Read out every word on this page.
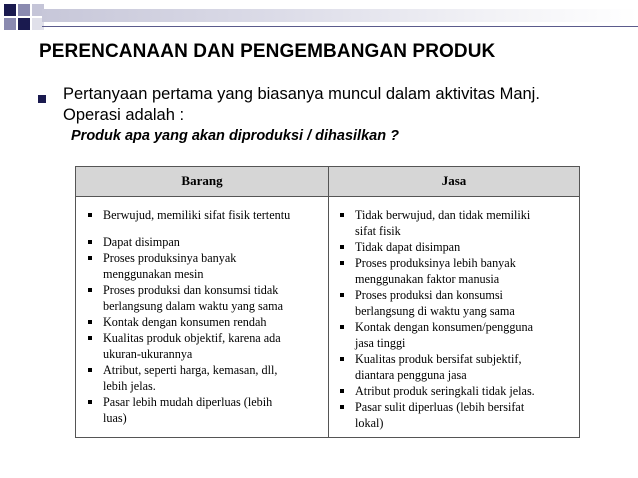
PERENCANAAN DAN PENGEMBANGAN PRODUK
Pertanyaan pertama yang biasanya muncul dalam aktivitas Manj.
Operasi adalah :
Produk apa yang akan diproduksi / dihasilkan ?
Barang	Jasa
Berwujud, memiliki sifat fisik tertentu
Dapat disimpan
Proses produksinya banyak
menggunakan mesin
Proses produksi dan konsumsi tidak
berlangsung dalam waktu yang sama
Kontak dengan konsumen rendah
Kualitas produk objektif, karena ada
ukuran-ukurannya
Atribut, seperti harga, kemasan, dll,
lebih jelas.
Pasar lebih mudah diperluas (lebih
luas)
Tidak berwujud, dan tidak memiliki
sifat fisik
Tidak dapat disimpan
Proses produksinya lebih banyak
menggunakan faktor manusia
Proses produksi dan konsumsi
berlangsung di waktu yang sama
Kontak dengan konsumen/pengguna
jasa tinggi
Kualitas produk bersifat subjektif,
diantara pengguna jasa
Atribut produk seringkali tidak jelas.
Pasar sulit diperluas (lebih bersifat
lokal)
